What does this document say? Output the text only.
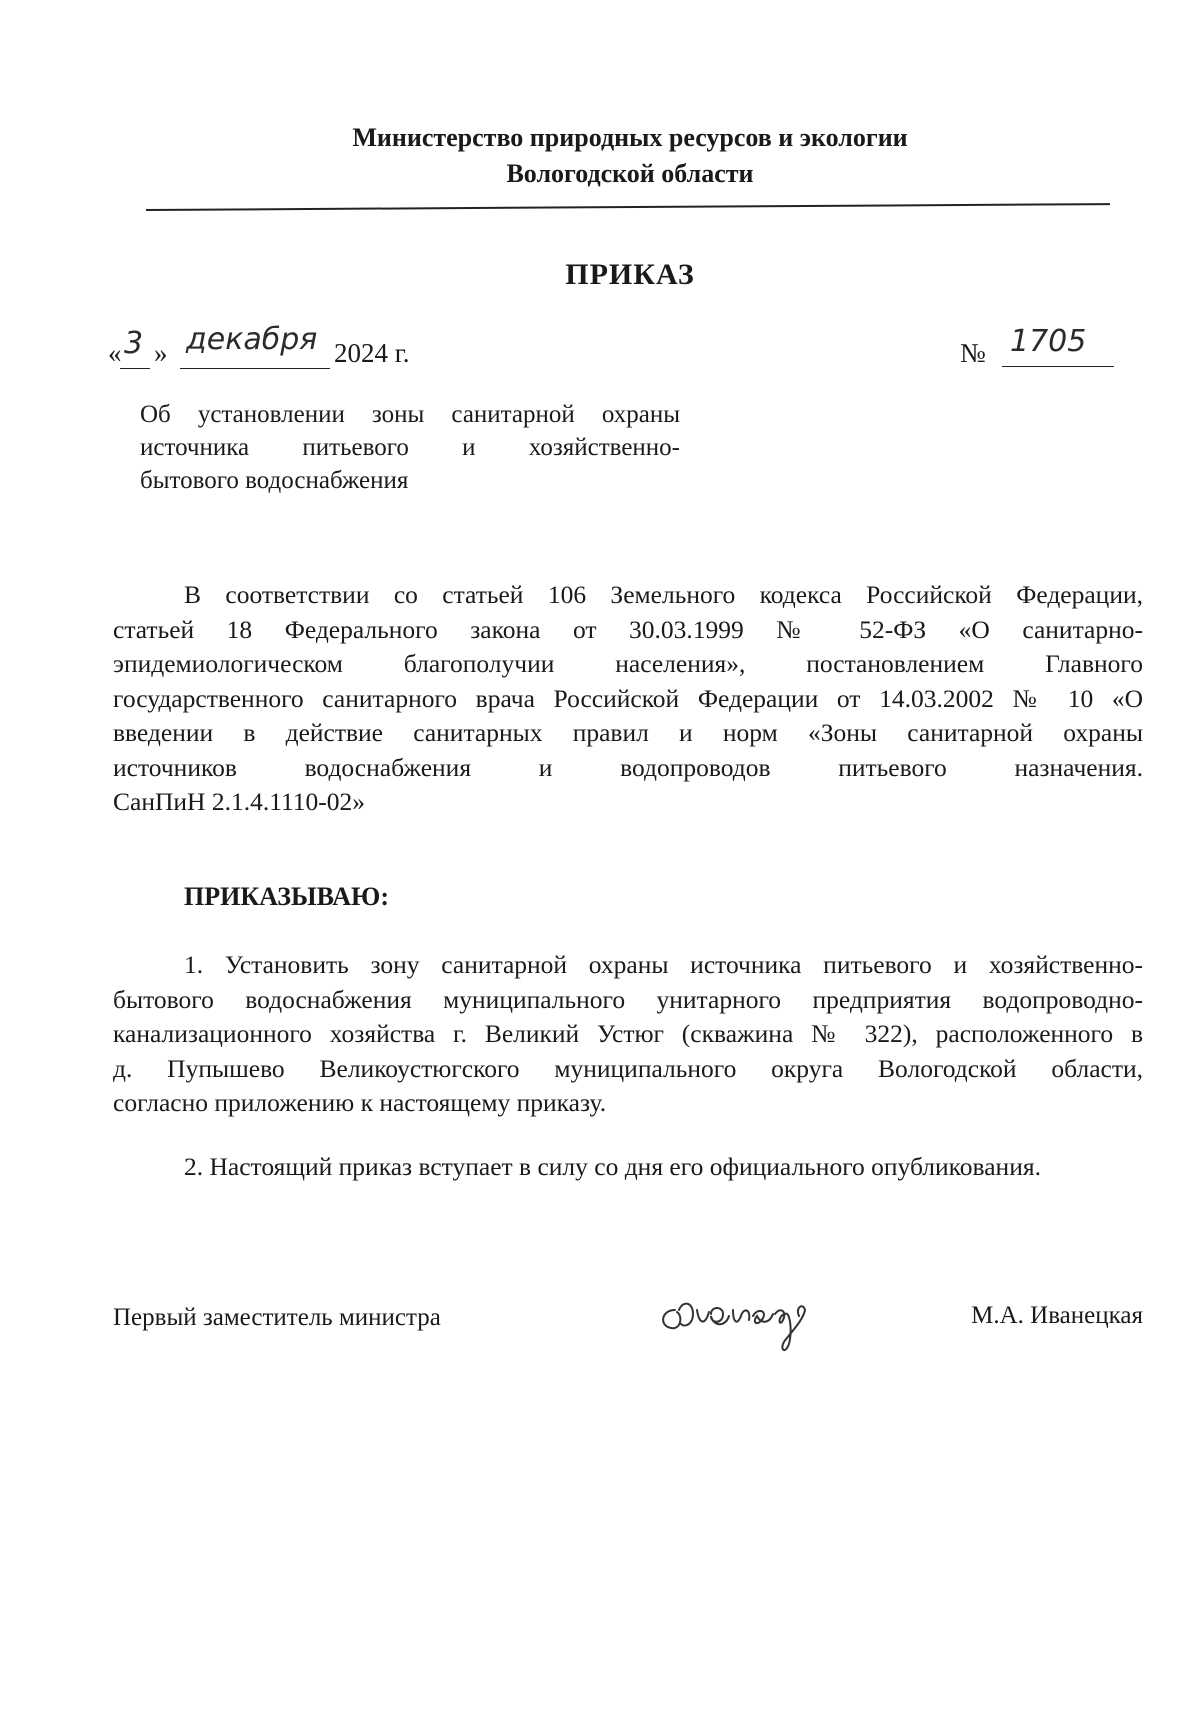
Министерство природных ресурсов и экологии
Вологодской области
ПРИКАЗ
« 3 » декабря 2024 г.	№ 1705
Об установлении зоны санитарной охраны
источника питьевого и хозяйственно-
бытового водоснабжения
В соответствии со статьей 106 Земельного кодекса Российской Федерации,
статьей 18 Федерального закона от 30.03.1999 № 52-ФЗ «О санитарно-
эпидемиологическом благополучии населения», постановлением Главного
государственного санитарного врача Российской Федерации от 14.03.2002 № 10 «О
введении в действие санитарных правил и норм «Зоны санитарной охраны
источников водоснабжения и водопроводов питьевого назначения.
СанПиН 2.1.4.1110-02»
ПРИКАЗЫВАЮ:
1. Установить зону санитарной охраны источника питьевого и хозяйственно-
бытового водоснабжения муниципального унитарного предприятия водопроводно-
канализационного хозяйства г. Великий Устюг (скважина № 322), расположенного в
д. Пупышево Великоустюгского муниципального округа Вологодской области,
согласно приложению к настоящему приказу.
2. Настоящий приказ вступает в силу со дня его официального опубликования.
Первый заместитель министра	М.А. Иванецкая
